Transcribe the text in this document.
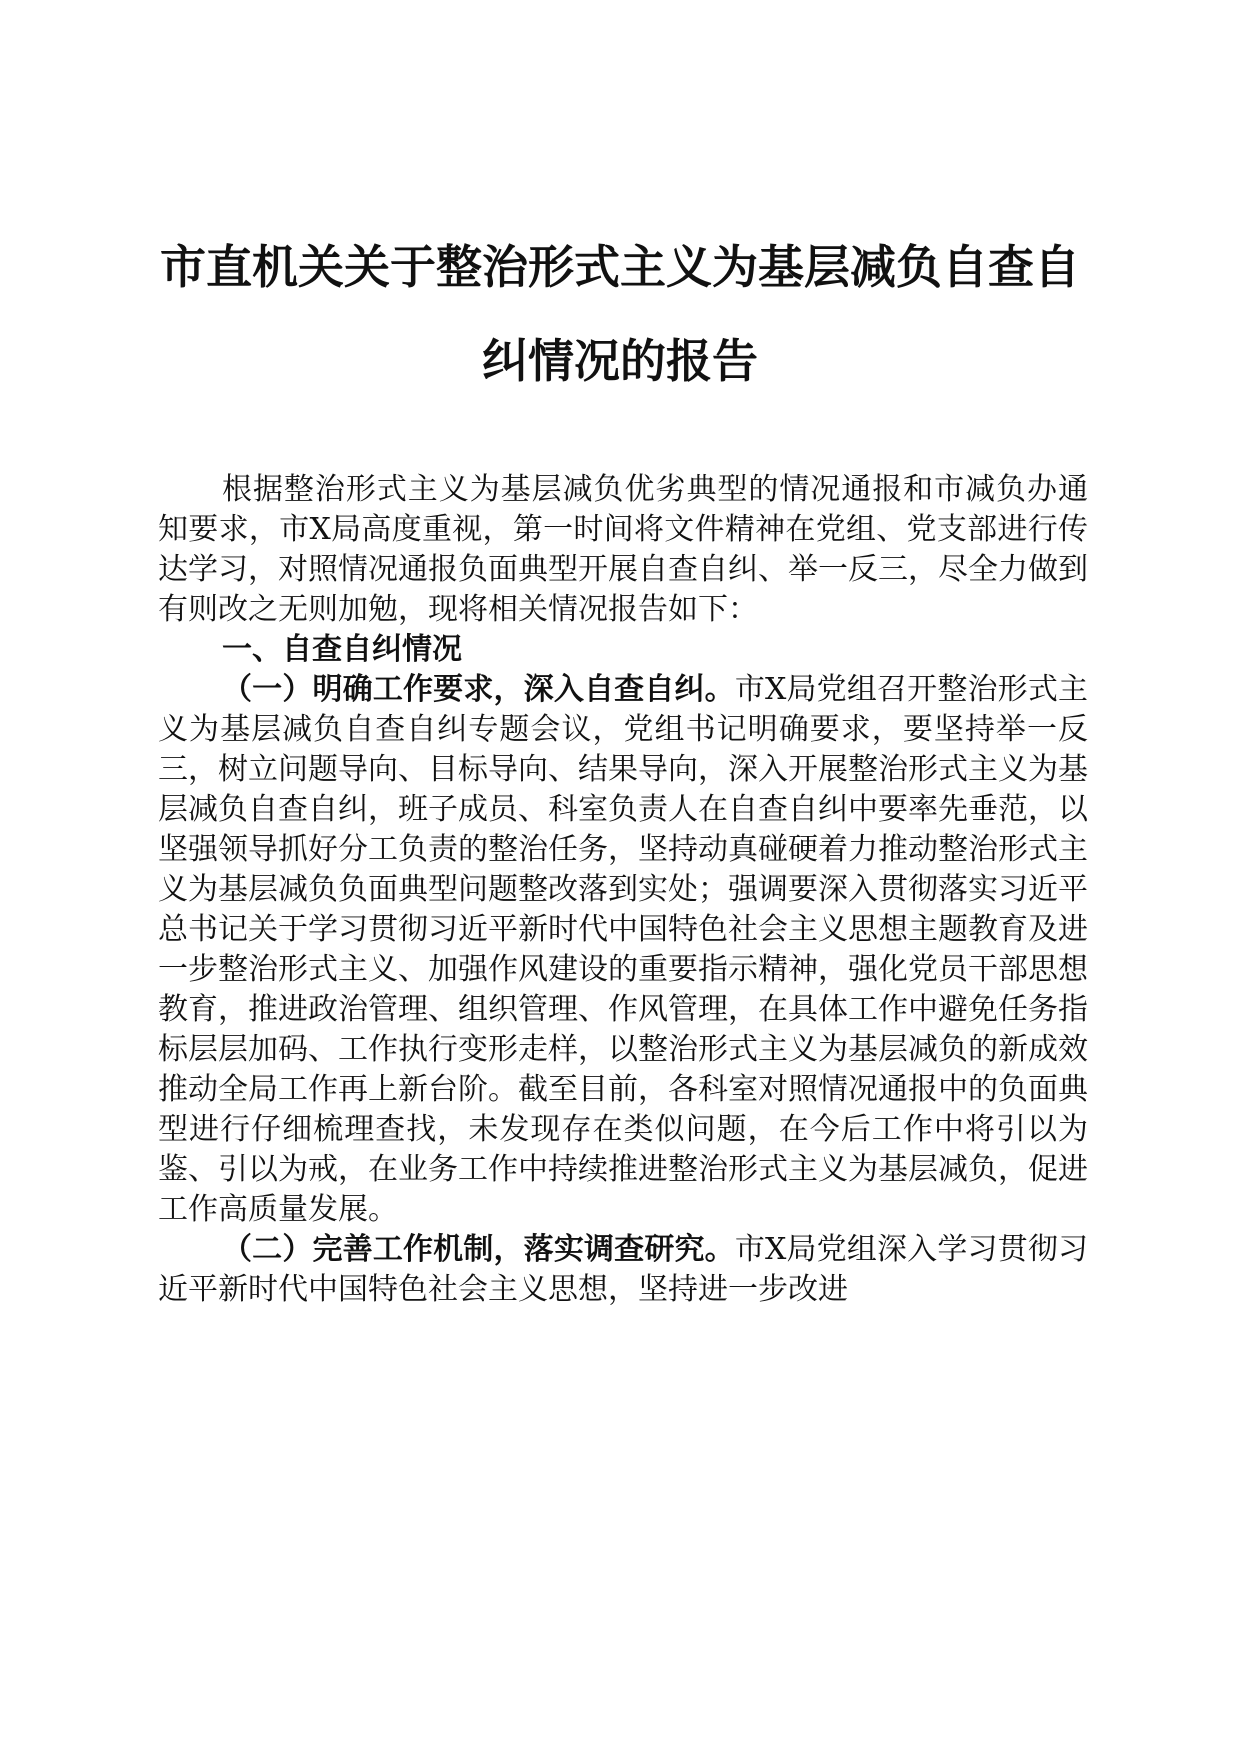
市直机关关于整治形式主义为基层减负自查自

纠情况的报告

根据整治形式主义为基层减负优劣典型的情况通报和市减负办通知要求，市X局高度重视，第一时间将文件精神在党组、党支部进行传达学习，对照情况通报负面典型开展自查自纠、举一反三，尽全力做到有则改之无则加勉，现将相关情况报告如下：

一、自查自纠情况

（一）明确工作要求，深入自查自纠。市X局党组召开整治形式主义为基层减负自查自纠专题会议，党组书记明确要求，要坚持举一反三，树立问题导向、目标导向、结果导向，深入开展整治形式主义为基层减负自查自纠，班子成员、科室负责人在自查自纠中要率先垂范，以坚强领导抓好分工负责的整治任务，坚持动真碰硬着力推动整治形式主义为基层减负负面典型问题整改落到实处；强调要深入贯彻落实习近平总书记关于学习贯彻习近平新时代中国特色社会主义思想主题教育及进一步整治形式主义、加强作风建设的重要指示精神，强化党员干部思想教育，推进政治管理、组织管理、作风管理，在具体工作中避免任务指标层层加码、工作执行变形走样，以整治形式主义为基层减负的新成效推动全局工作再上新台阶。截至目前，各科室对照情况通报中的负面典型进行仔细梳理查找，未发现存在类似问题，在今后工作中将引以为鉴、引以为戒，在业务工作中持续推进整治形式主义为基层减负，促进工作高质量发展。

（二）完善工作机制，落实调查研究。市X局党组深入学习贯彻习近平新时代中国特色社会主义思想，坚持进一步改进
